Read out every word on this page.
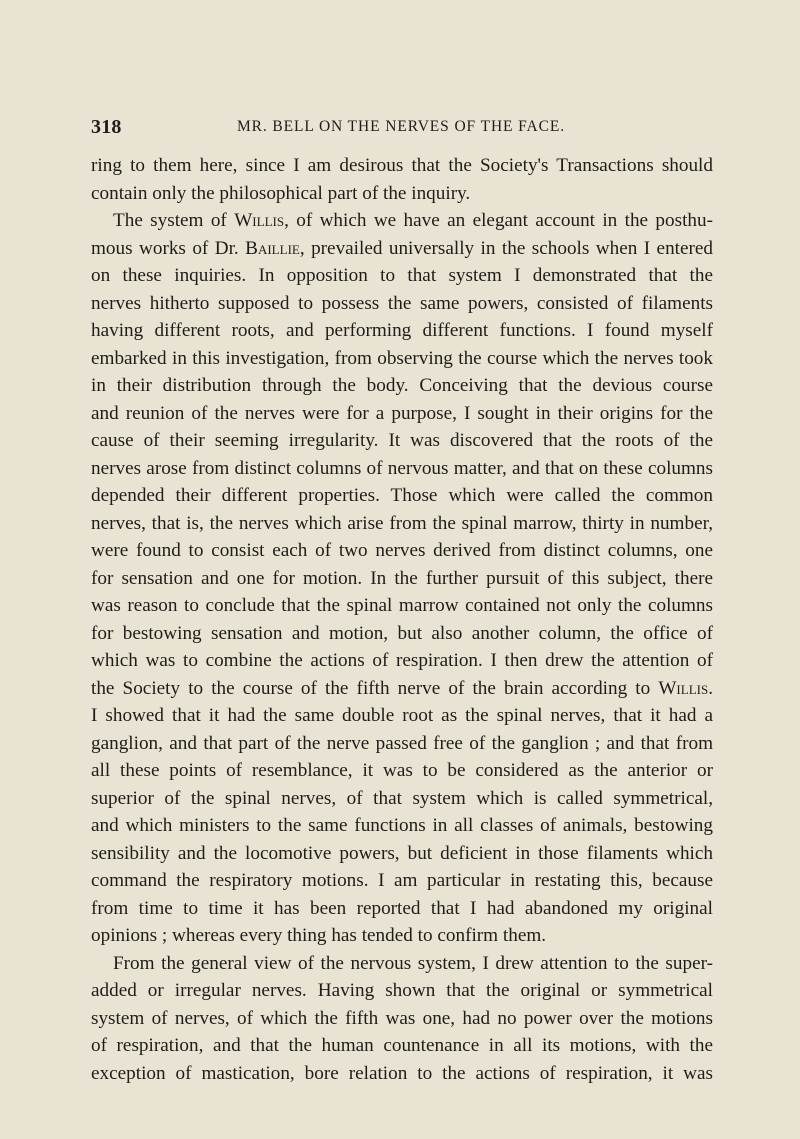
318	MR. BELL ON THE NERVES OF THE FACE.

ring to them here, since I am desirous that the Society's Transactions should
contain only the philosophical part of the inquiry.

The system of Willis, of which we have an elegant account in the posthu-
mous works of Dr. Baillie, prevailed universally in the schools when I entered
on these inquiries. In opposition to that system I demonstrated that the
nerves hitherto supposed to possess the same powers, consisted of filaments
having different roots, and performing different functions. I found myself
embarked in this investigation, from observing the course which the nerves took
in their distribution through the body. Conceiving that the devious course
and reunion of the nerves were for a purpose, I sought in their origins for the
cause of their seeming irregularity. It was discovered that the roots of the
nerves arose from distinct columns of nervous matter, and that on these columns
depended their different properties. Those which were called the common
nerves, that is, the nerves which arise from the spinal marrow, thirty in number,
were found to consist each of two nerves derived from distinct columns, one
for sensation and one for motion. In the further pursuit of this subject, there
was reason to conclude that the spinal marrow contained not only the columns
for bestowing sensation and motion, but also another column, the office of
which was to combine the actions of respiration. I then drew the attention of
the Society to the course of the fifth nerve of the brain according to Willis.
I showed that it had the same double root as the spinal nerves, that it had a
ganglion, and that part of the nerve passed free of the ganglion ; and that from
all these points of resemblance, it was to be considered as the anterior or
superior of the spinal nerves, of that system which is called symmetrical,
and which ministers to the same functions in all classes of animals, bestowing
sensibility and the locomotive powers, but deficient in those filaments which
command the respiratory motions. I am particular in restating this, because
from time to time it has been reported that I had abandoned my original
opinions ; whereas every thing has tended to confirm them.

From the general view of the nervous system, I drew attention to the super-
added or irregular nerves. Having shown that the original or symmetrical
system of nerves, of which the fifth was one, had no power over the motions
of respiration, and that the human countenance in all its motions, with the
exception of mastication, bore relation to the actions of respiration, it was
